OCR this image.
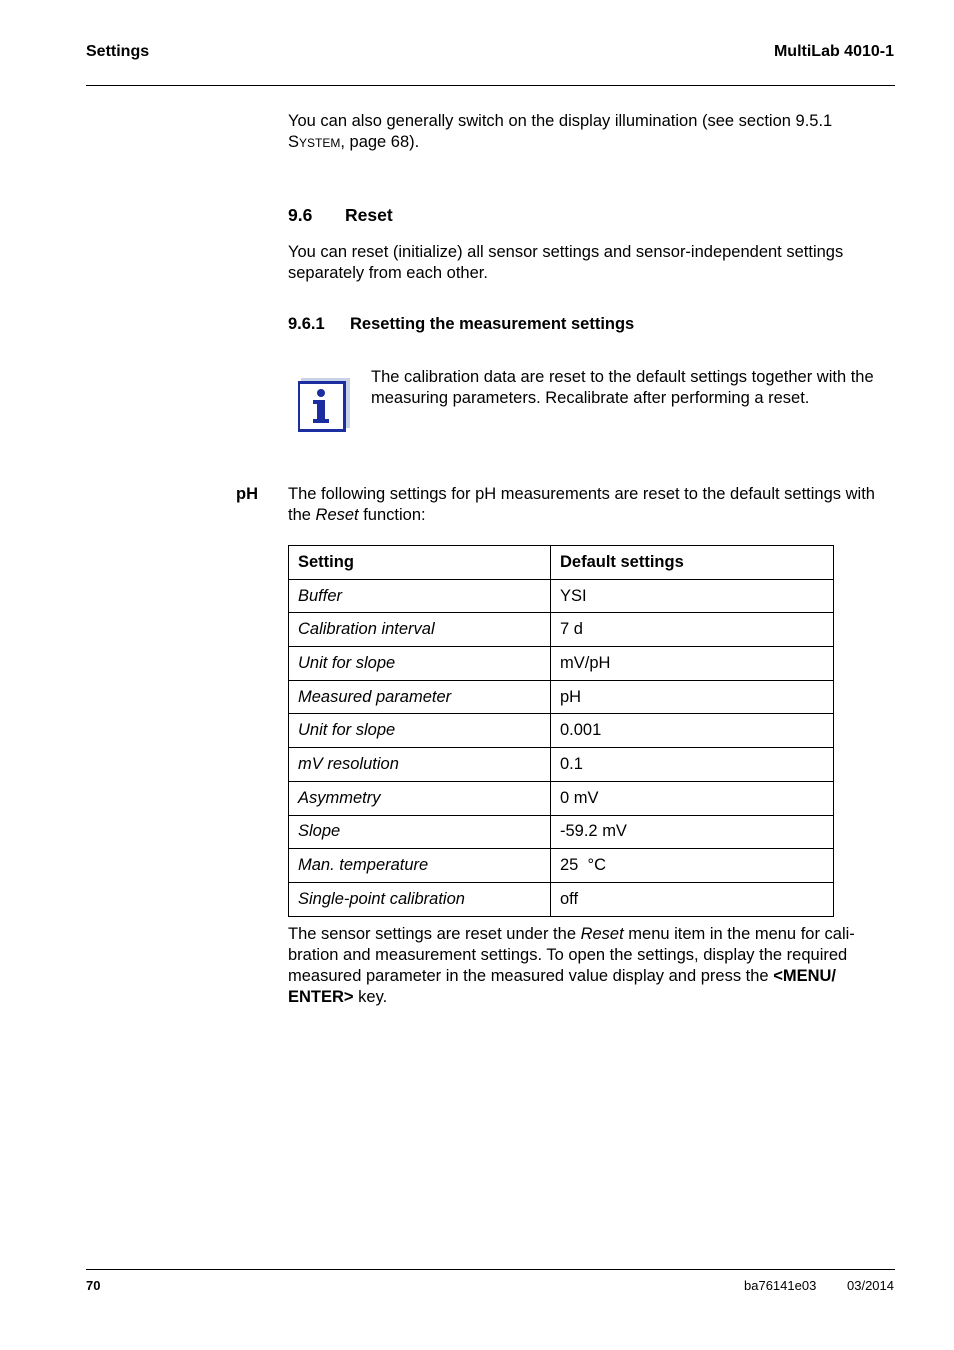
Settings	MultiLab 4010-1

You can also generally switch on the display illumination (see section 9.5.1 System, page 68).

9.6 Reset

You can reset (initialize) all sensor settings and sensor-independent settings separately from each other.

9.6.1 Resetting the measurement settings

The calibration data are reset to the default settings together with the measuring parameters. Recalibrate after performing a reset.

pH The following settings for pH measurements are reset to the default settings with the Reset function:

Setting	Default settings
Buffer	YSI
Calibration interval	7 d
Unit for slope	mV/pH
Measured parameter	pH
Unit for slope	0.001
mV resolution	0.1
Asymmetry	0 mV
Slope	-59.2 mV
Man. temperature	25  °C
Single-point calibration	off

The sensor settings are reset under the Reset menu item in the menu for cali-bration and measurement settings. To open the settings, display the required measured parameter in the measured value display and press the <MENU/ ENTER> key.

70	ba76141e03 03/2014
